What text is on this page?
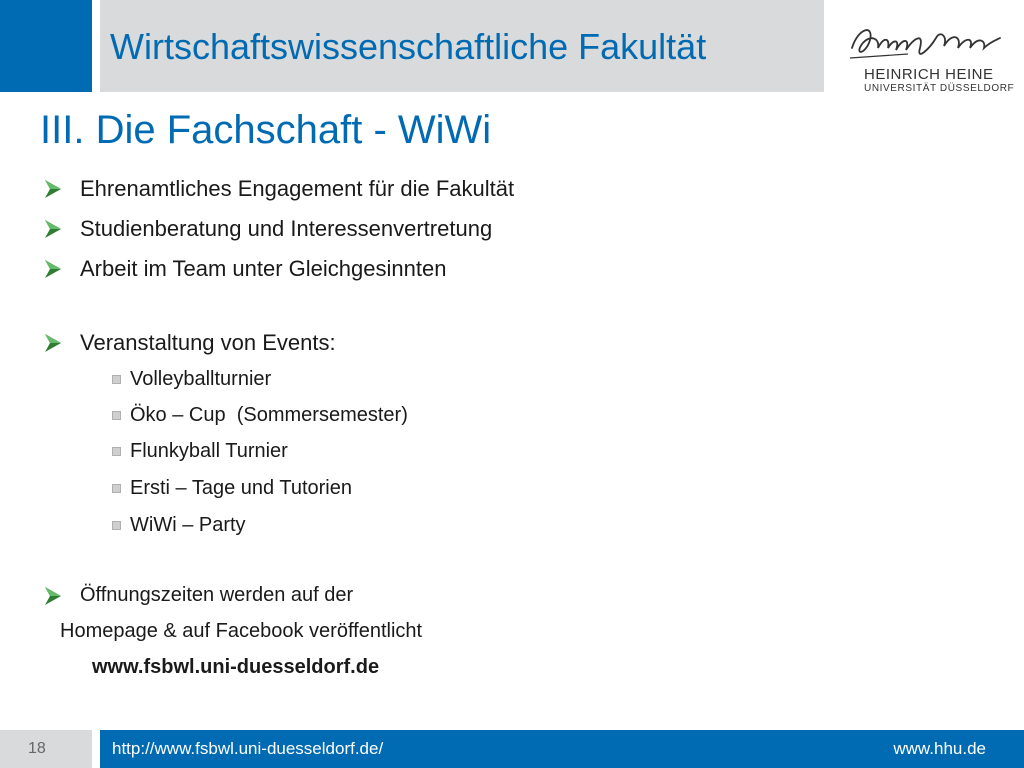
Wirtschaftswissenschaftliche Fakultät
HEINRICH HEINE
UNIVERSITÄT DÜSSELDORF
III. Die Fachschaft - WiWi
Ehrenamtliches Engagement für die Fakultät
Studienberatung und Interessenvertretung
Arbeit im Team unter Gleichgesinnten
Veranstaltung von Events:
Volleyballturnier
Öko – Cup  (Sommersemester)
Flunkyball Turnier
Ersti – Tage und Tutorien
WiWi – Party
Öffnungszeiten werden auf der
Homepage & auf Facebook veröffentlicht
www.fsbwl.uni-duesseldorf.de
18	http://www.fsbwl.uni-duesseldorf.de/	www.hhu.de
